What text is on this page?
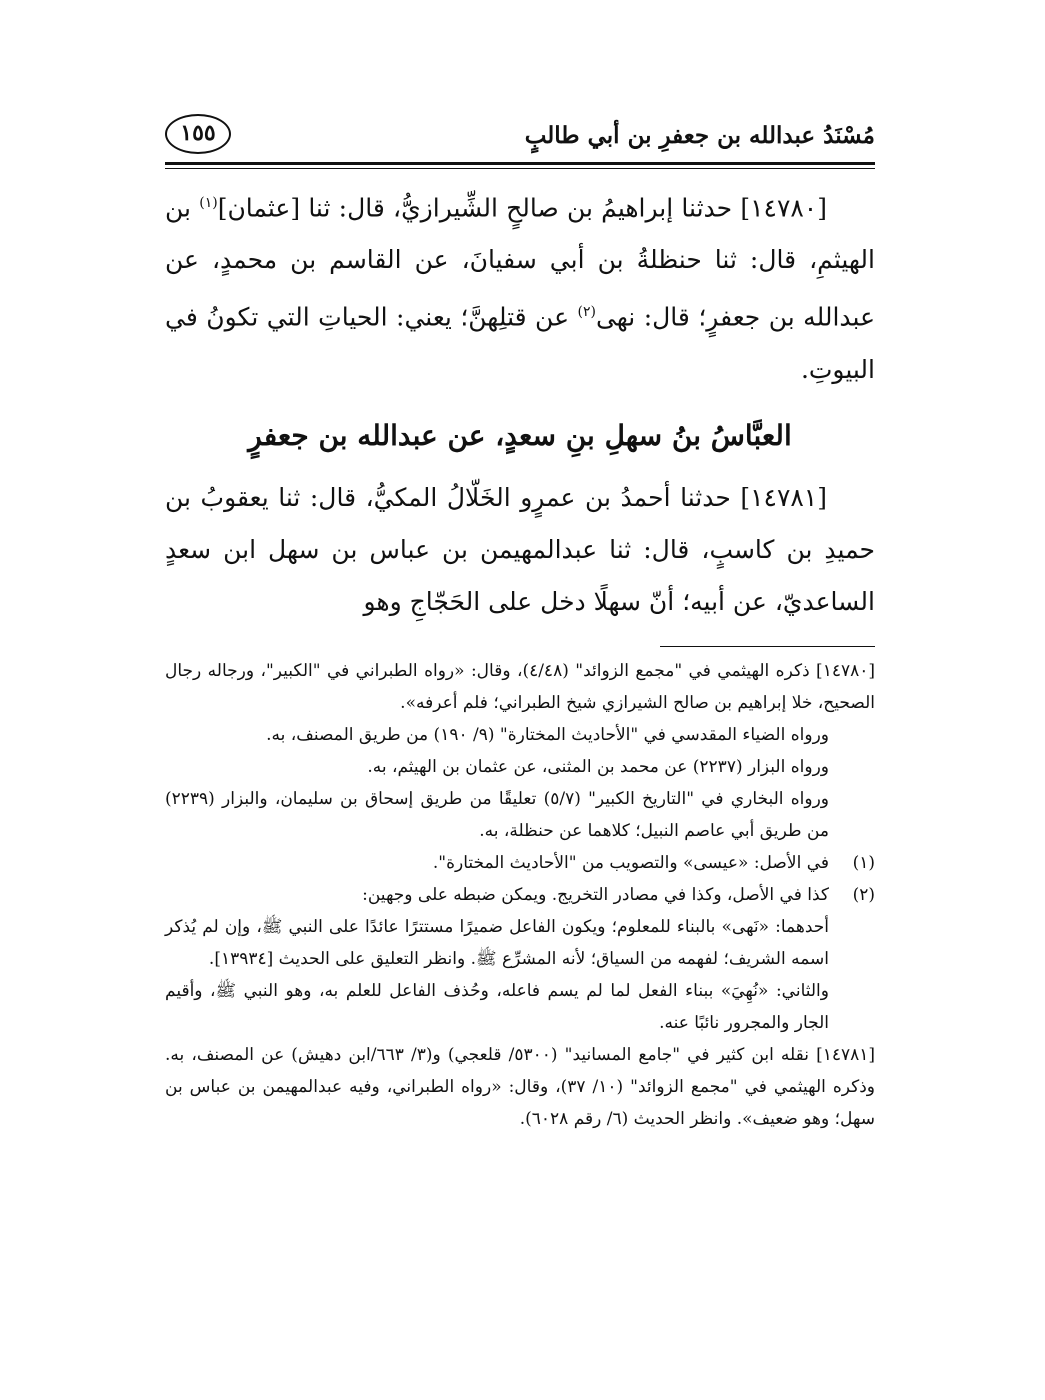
مُسْنَدُ عبدالله بن جعفرِ بن أبي طالبٍ
١٥٥

[١٤٧٨٠] حدثنا إبراهيمُ بن صالحٍ الشِّيرازيُّ، قال: ثنا [عثمان]$^{(١)}$ بن الهيثمِ، قال: ثنا حنظلةُ بن أبي سفيانَ، عن القاسم بن محمدٍ، عن عبدالله بن جعفرٍ؛ قال: نهى$^{(٢)}$ عن قتلِهنَّ؛ يعني: الحياتِ التي تكونُ في البيوتِ.

العبَّاسُ بنُ سهلِ بنِ سعدٍ، عن عبدالله بن جعفرٍ

[١٤٧٨١] حدثنا أحمدُ بن عمرٍو الخَلّالُ المكيُّ، قال: ثنا يعقوبُ بن حميدِ بن كاسبٍ، قال: ثنا عبدالمهيمن بن عباس بن سهل ابن سعدٍ الساعديّ، عن أبيه؛ أنّ سهلًا دخل على الحَجّاجِ وهو

[١٤٧٨٠] ذكره الهيثمي في "مجمع الزوائد" (٤/٤٨)، وقال: «رواه الطبراني في "الكبير"، ورجاله رجال الصحيح، خلا إبراهيم بن صالح الشيرازي شيخ الطبراني؛ فلم أعرفه».

ورواه الضياء المقدسي في "الأحاديث المختارة" (٩/ ١٩٠) من طريق المصنف، به.

ورواه البزار (٢٢٣٧) عن محمد بن المثنى، عن عثمان بن الهيثم، به.

ورواه البخاري في "التاريخ الكبير" (٥/٧) تعليقًا من طريق إسحاق بن سليمان، والبزار (٢٢٣٩) من طريق أبي عاصم النبيل؛ كلاهما عن حنظلة، به.

(١)
في الأصل: «عيسى» والتصويب من "الأحاديث المختارة".
(٢)
كذا في الأصل، وكذا في مصادر التخريج. ويمكن ضبطه على وجهين:

أحدهما: «نَهى» بالبناء للمعلوم؛ ويكون الفاعل ضميرًا مستترًا عائدًا على النبي ﷺ، وإن لم يُذكر اسمه الشريف؛ لفهمه من السياق؛ لأنه المشرِّع ﷺ. وانظر التعليق على الحديث [١٣٩٣٤].

والثاني: «نُهِيَ» ببناء الفعل لما لم يسم فاعله، وحُذف الفاعل للعلم به، وهو النبي ﷺ، وأقيم الجار والمجرور نائبًا عنه.

[١٤٧٨١] نقله ابن كثير في "جامع المسانيد" (٥٣٠٠/ قلعجي) و(٣/ ٦٦٣/ابن دهيش) عن المصنف، به. وذكره الهيثمي في "مجمع الزوائد" (١٠/ ٣٧)، وقال: «رواه الطبراني، وفيه عبدالمهيمن بن عباس بن سهل؛ وهو ضعيف». وانظر الحديث (٦/ رقم ٦٠٢٨).
